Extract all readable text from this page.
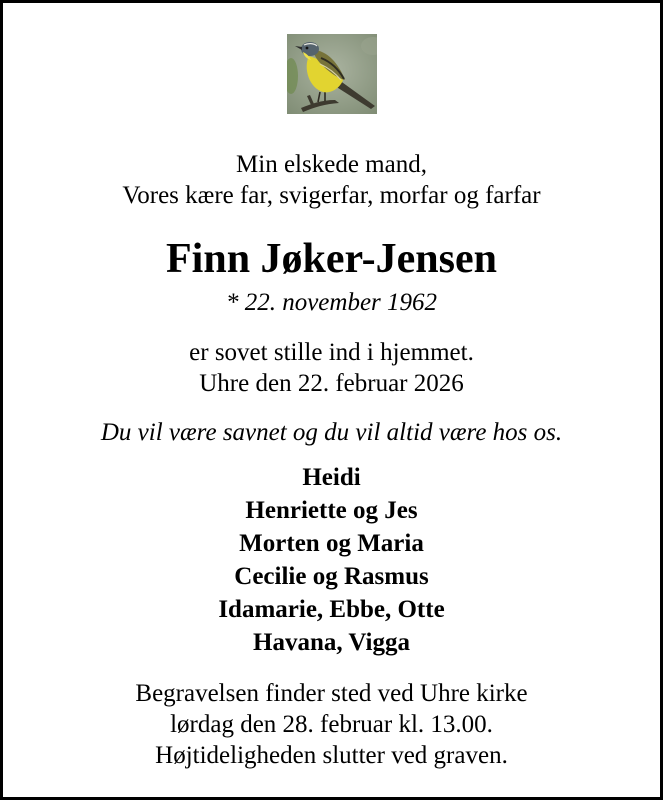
Min elskede mand,
Vores kære far, svigerfar, morfar og farfar
Finn Jøker-Jensen
* 22. november 1962
er sovet stille ind i hjemmet.
Uhre den 22. februar 2026
Du vil være savnet og du vil altid være hos os.
Heidi
Henriette og Jes
Morten og Maria
Cecilie og Rasmus
Idamarie, Ebbe, Otte
Havana, Vigga
Begravelsen finder sted ved Uhre kirke
lørdag den 28. februar kl. 13.00.
Højtideligheden slutter ved graven.
